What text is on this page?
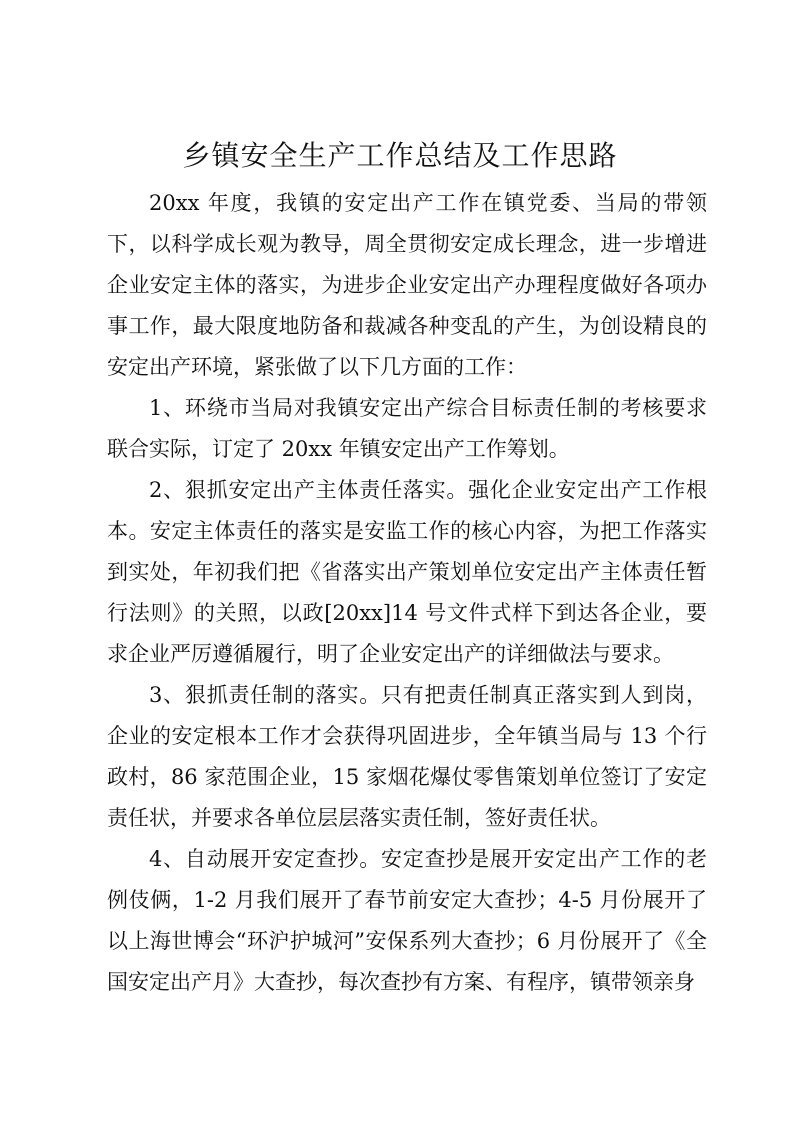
乡镇安全生产工作总结及工作思路

20xx 年度，我镇的安定出产工作在镇党委、当局的带领下，以科学成长观为教导，周全贯彻安定成长理念，进一步增进企业安定主体的落实，为进步企业安定出产办理程度做好各项办事工作，最大限度地防备和裁减各种变乱的产生，为创设精良的安定出产环境，紧张做了以下几方面的工作：

1、环绕市当局对我镇安定出产综合目标责任制的考核要求联合实际，订定了 20xx 年镇安定出产工作筹划。

2、狠抓安定出产主体责任落实。强化企业安定出产工作根本。安定主体责任的落实是安监工作的核心内容，为把工作落实到实处，年初我们把《省落实出产策划单位安定出产主体责任暂行法则》的关照，以政[20xx]14 号文件式样下到达各企业，要求企业严厉遵循履行，明了企业安定出产的详细做法与要求。

3、狠抓责任制的落实。只有把责任制真正落实到人到岗，企业的安定根本工作才会获得巩固进步，全年镇当局与 13 个行政村，86 家范围企业，15 家烟花爆仗零售策划单位签订了安定责任状，并要求各单位层层落实责任制，签好责任状。

4、自动展开安定查抄。安定查抄是展开安定出产工作的老例伎俩，1-2 月我们展开了春节前安定大查抄；4-5 月份展开了以上海世博会“环沪护城河”安保系列大查抄；6 月份展开了《全国安定出产月》大查抄，每次查抄有方案、有程序，镇带领亲身
